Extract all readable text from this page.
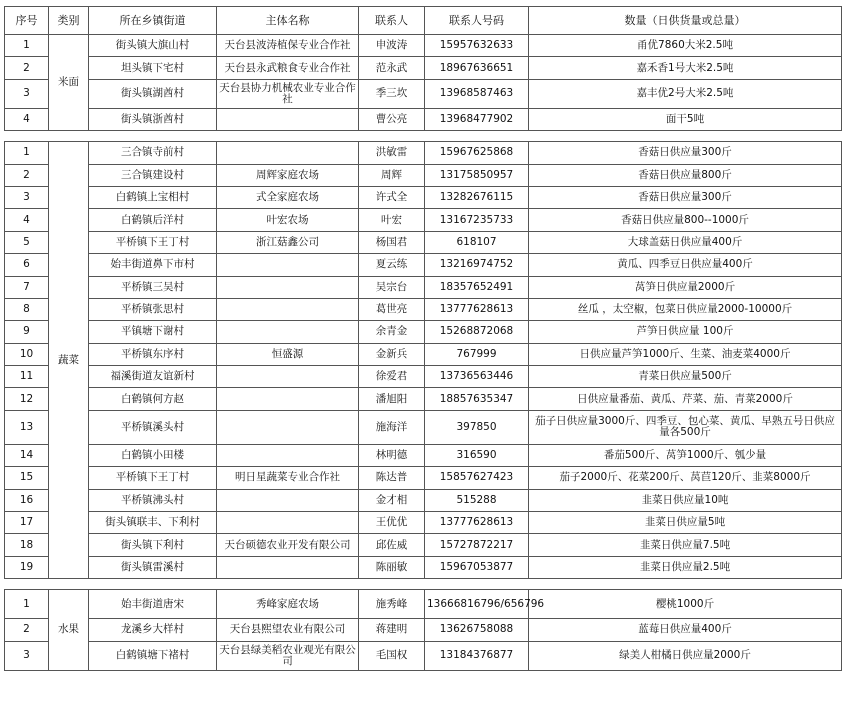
序号	类别	所在乡镇街道	主体名称	联系人	联系人号码	数量（日供货量或总量）
1	米面	街头镇大旗山村	天台县波涛植保专业合作社	申波涛	15957632633	甬优7860大米2.5吨
2		坦头镇下宅村	天台县永武粮食专业合作社	范永武	18967636651	嘉禾香1号大米2.5吨
3		街头镇湖酋村	天台县协力机械农业专业合作社	季三坎	13968587463	嘉丰优2号大米2.5吨
4		街头镇浙酋村		曹公亮	13968477902	面干5吨

1	蔬菜	三合镇寺前村		洪敏雷	15967625868	香菇日供应量300斤
2		三合镇建设村	周辉家庭农场	周辉	13175850957	香菇日供应量800斤
3		白鹤镇上宝相村	式全家庭农场	许式全	13282676115	香菇日供应量300斤
4		白鹤镇后洋村	叶宏农场	叶宏	13167235733	香菇日供应量800--1000斤
5		平桥镇下王丁村	浙江菇鑫公司	杨国君	618107	大球盖菇日供应量400斤
6		始丰街道鼻下市村		夏云练	13216974752	黄瓜、四季豆日供应量400斤
7		平桥镇三吴村		吴宗台	18357652491	莴笋日供应量2000斤
8		平桥镇张思村		葛世亮	13777628613	丝瓜 ，太空椒，包菜日供应量2000-10000斤
9		平镇塘下谢村		余青金	15268872068	芦笋日供应量 100斤
10		平桥镇东序村	恒盛源	金新兵	767999	日供应量芦笋1000斤、生菜、油麦菜4000斤
11		福溪街道友谊新村		徐爱君	13736563446	青菜日供应量500斤
12		白鹤镇何方赵		潘旭阳	18857635347	日供应量番茄、黄瓜、芹菜、茄、青菜2000斤
13		平桥镇溪头村		施海洋	397850	茄子日供应量3000斤、四季豆、包心菜、黄瓜、早熟五号日供应量各500斤
14		白鹤镇小田楼		林明德	316590	番茄500斤、莴笋1000斤、瓠少量
15		平桥镇下王丁村	明日星蔬菜专业合作社	陈达普	15857627423	茄子2000斤、花菜200斤、莴苣120斤、韭菜8000斤
16		平桥镇沸头村		金才相	515288	韭菜日供应量10吨
17		街头镇联丰、下利村		王优优	13777628613	韭菜日供应量5吨
18		街头镇下利村	天台硕德农业开发有限公司	邱佐威	15727872217	韭菜日供应量7.5吨
19		街头镇雷溪村		陈丽敏	15967053877	韭菜日供应量2.5吨

1	水果	始丰街道唐宋	秀峰家庭农场	施秀峰	13666816796/656796	樱桃1000斤
2		龙溪乡大样村	天台县熙望农业有限公司	蒋建明	13626758088	蓝莓日供应量400斤
3		白鹤镇塘下褚村	天台县绿美稻农业观光有限公司	毛国权	13184376877	绿美人柑橘日供应量2000斤
